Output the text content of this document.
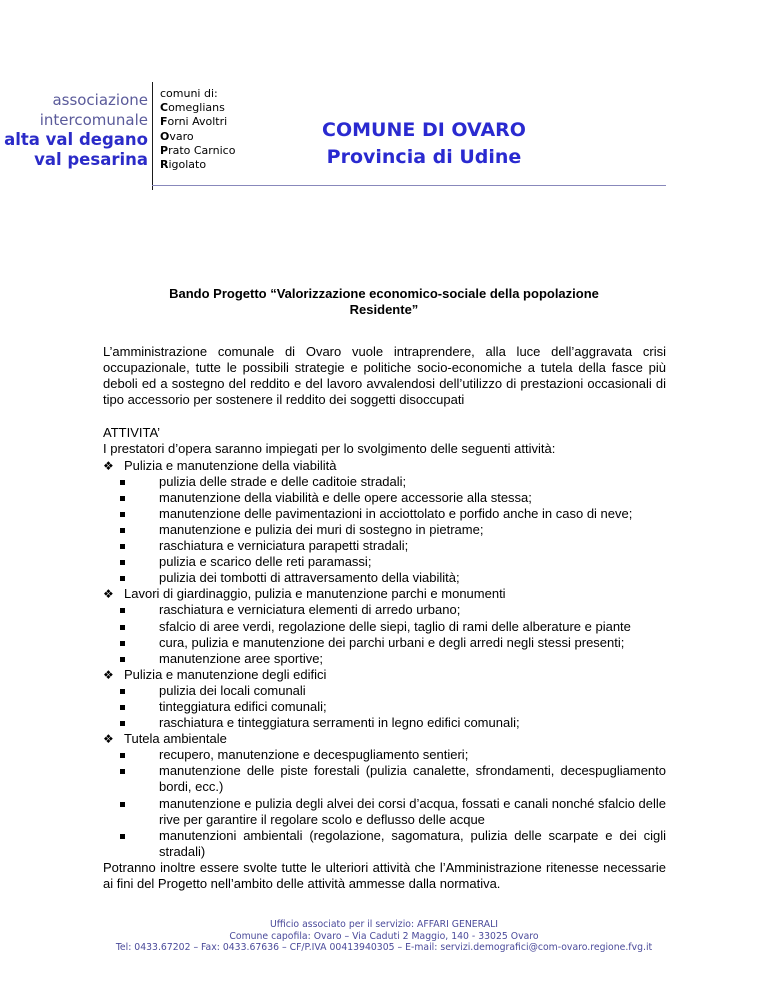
associazione
intercomunale
alta val degano
val pesarina
comuni di:
Comeglians
Forni Avoltri
Ovaro
Prato Carnico
Rigolato
COMUNE DI OVARO
Provincia di Udine
Bando Progetto “Valorizzazione economico-sociale della popolazione
Residente”

L’amministrazione comunale di Ovaro vuole intraprendere, alla luce dell’aggravata crisi occupazionale, tutte le possibili strategie e politiche socio-economiche a tutela della fasce più deboli ed a sostegno del reddito e del lavoro avvalendosi dell’utilizzo di prestazioni occasionali di tipo accessorio per sostenere il reddito dei soggetti disoccupati

ATTIVITA’

I prestatori d’opera saranno impiegati per lo svolgimento delle seguenti attività:

❖ Pulizia e manutenzione della viabilità
pulizia delle strade e delle caditoie stradali;
manutenzione della viabilità e delle opere accessorie alla stessa;
manutenzione delle pavimentazioni in acciottolato e porfido anche in caso di neve;
manutenzione e pulizia dei muri di sostegno in pietrame;
raschiatura e verniciatura parapetti stradali;
pulizia e scarico delle reti paramassi;
pulizia dei tombotti di attraversamento della viabilità;
❖ Lavori di giardinaggio, pulizia e manutenzione parchi e monumenti
raschiatura e verniciatura elementi di arredo urbano;
sfalcio di aree verdi, regolazione delle siepi, taglio di rami delle alberature e piante
cura, pulizia e manutenzione dei parchi urbani e degli arredi negli stessi presenti;
manutenzione aree sportive;
❖ Pulizia e manutenzione degli edifici
pulizia dei locali comunali
tinteggiatura edifici comunali;
raschiatura e tinteggiatura serramenti in legno edifici comunali;
❖ Tutela ambientale
recupero, manutenzione e decespugliamento sentieri;
manutenzione delle piste forestali (pulizia canalette, sfrondamenti, decespugliamento bordi, ecc.)
manutenzione e pulizia degli alvei dei corsi d’acqua, fossati e canali nonché sfalcio delle rive per garantire il regolare scolo e deflusso delle acque
manutenzioni ambientali (regolazione, sagomatura, pulizia delle scarpate e dei cigli stradali)

Potranno inoltre essere svolte tutte le ulteriori attività che l’Amministrazione ritenesse necessarie ai fini del Progetto nell’ambito delle attività ammesse dalla normativa.

Ufficio associato per il servizio: AFFARI GENERALI
Comune capofila: Ovaro – Via Caduti 2 Maggio, 140 - 33025 Ovaro
Tel: 0433.67202 – Fax: 0433.67636 – CF/P.IVA 00413940305 – E-mail: servizi.demografici@com-ovaro.regione.fvg.it
